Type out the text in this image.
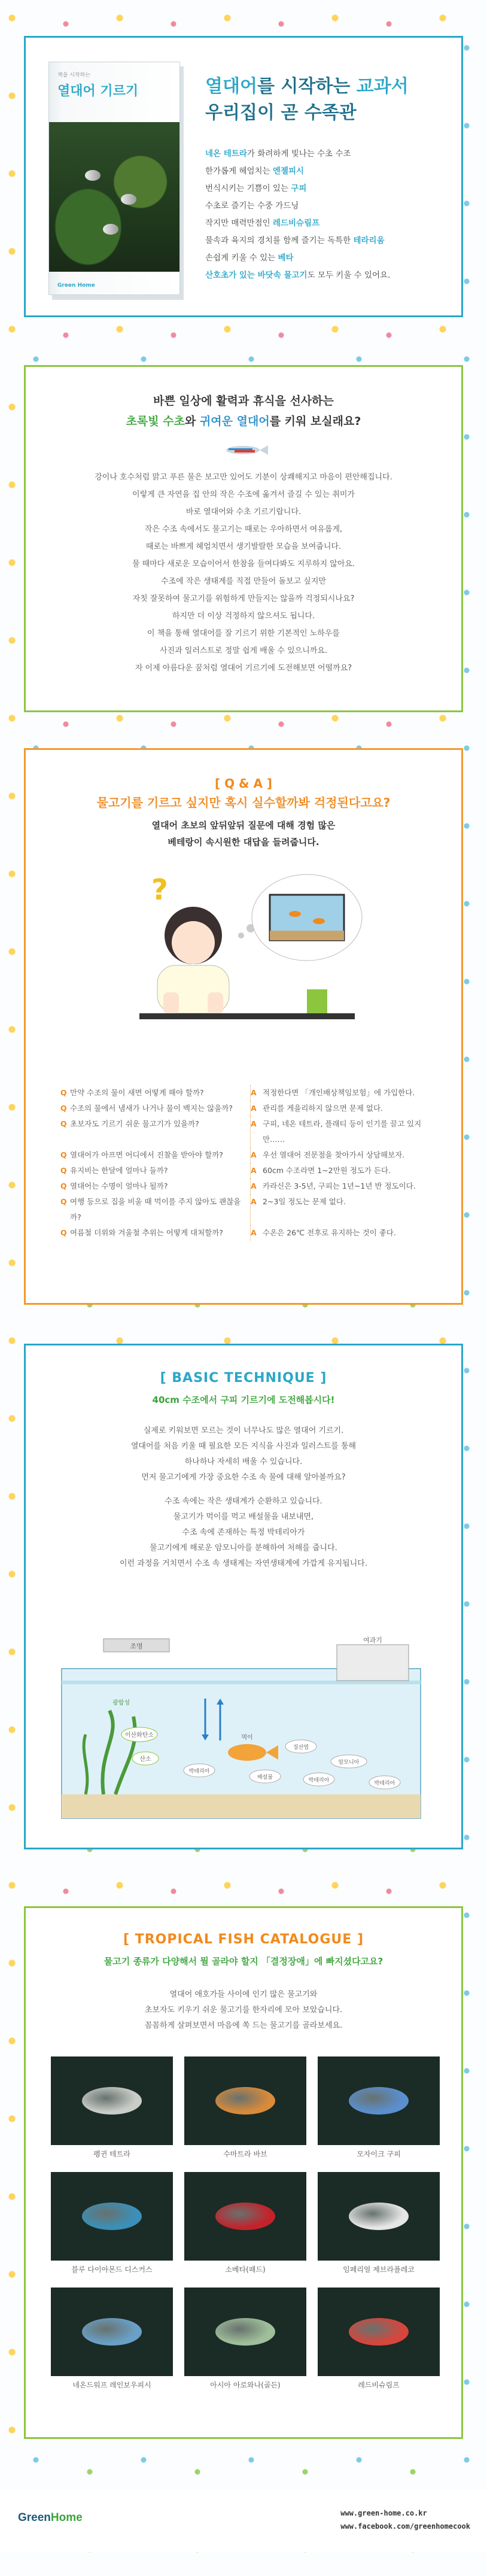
책을 시작하는
열대어 기르기
Green Home
열대어를 시작하는 교과서
우리집이 곧 수족관
네온 테트라가 화려하게 빛나는 수초 수조
한가롭게 헤엄치는 엔젤피시
번식시키는 기쁨이 있는 구피
수초로 즐기는 수중 가드닝
작지만 매력만점인 레드비슈림프
물속과 육지의 경치를 함께 즐기는 독특한 테라리움
손쉽게 키울 수 있는 베타
산호초가 있는 바닷속 물고기도 모두 키울 수 있어요.
바쁜 일상에 활력과 휴식을 선사하는
초록빛 수초와 귀여운 열대어를 키워 보실래요?
강이나 호수처럼 맑고 푸른 물은 보고만 있어도 기분이 상쾌해지고 마음이 편안해집니다.
이렇게 큰 자연을 집 안의 작은 수조에 옮겨서 즐길 수 있는 취미가
바로 열대어와 수초 기르기랍니다.
작은 수조 속에서도 물고기는 때로는 우아하면서 여유롭게,
때로는 바쁘게 헤엄치면서 생기발랄한 모습을 보여줍니다.
물 때마다 새로운 모습이어서 한참을 들여다봐도 지루하지 않아요.
수조에 작은 생태계를 직접 만들어 돌보고 싶지만
자칫 잘못하여 물고기를 위험하게 만들지는 않을까 걱정되시나요?
하지만 더 이상 걱정하지 않으셔도 됩니다.
이 책을 통해 열대어를 잘 기르기 위한 기본적인 노하우를
사진과 일러스트로 정말 쉽게 배울 수 있으니까요.
자 이제 아름다운 꿈처럼 열대어 기르기에 도전해보면 어떨까요?
[ Q & A ]
물고기를 기르고 싶지만 혹시 실수할까봐 걱정된다고요?
열대어 초보의 앞뒤앞뒤 질문에 대해 경험 많은
베테랑이 속시원한 대답을 들려줍니다.
?
Q 만약 수조의 물이 새면 어떻게 해야 할까?	A 적정한다면 「개인배상책임보험」에 가입한다.
Q 수조의 물에서 냄새가 나거나 물이 백지는 않을까?	A 관리를 게을리하지 않으면 문제 없다.
Q 초보자도 기르기 쉬운 물고기가 있을까?	A 구피, 네온 테트라, 플래티 등이 인기를 끌고 있지만……
Q 열대어가 아프면 어디에서 진찰을 받아야 할까?	A 우선 열대어 전문점을 찾아가서 상담해보자.
Q 유지비는 한달에 얼마나 들까?	A 60cm 수조라면 1~2만원 정도가 든다.
Q 열대어는 수명이 얼마나 될까?	A 카라신은 3-5년, 구피는 1년~1년 반 정도이다.
Q 여행 등으로 집을 비울 때 먹이를 주지 않아도 괜찮을까?
A 2~3일 정도는 문제 없다.
Q 여름철 더위와 겨울철 추위는 어떻게 대처할까?	A 수온은 26℃ 전후로 유지하는 것이 좋다.
[ BASIC TECHNIQUE ]
40cm 수조에서 구피 기르기에 도전해봅시다!
실제로 키워보면 모르는 것이 너무나도 많은 열대어 기르기.
열대어를 처음 키울 때 필요한 모든 지식을 사진과 일러스트를 통해
하나하나 자세히 배울 수 있습니다.
먼저 물고기에게 가장 중요한 수조 속 물에 대해 알아볼까요?
수조 속에는 작은 생태계가 순환하고 있습니다.
물고기가 먹이를 먹고 배설물을 내보내면,
수조 속에 존재하는 특정 박테리아가
물고기에게 해로운 암모니아를 분해하여 처해를 줍니다.
이런 과정을 거치면서 수조 속 생태계는 자연생태계에 가깝게 유지됩니다.
조명
여과기
이산화탄소
산소
광합성
먹이
박테리아
배설물	박테리아
암모니아
박테리아
질산염
[ TROPICAL FISH CATALOGUE ]
물고기 종류가 다양해서 뭘 골라야 할지 「결정장애」에 빠지셨다고요?
열대어 애호가들 사이에 인기 많은 물고기와
초보자도 키우기 쉬운 물고기를 한자리에 모아 보았습니다.
꼼꼼하게 살펴보면서 마음에 쏙 드는 물고기를 골라보세요.
펭귄 테트라	수마트라 바브	모자이크 구피
블루 다이아몬드 디스커스	소베타(패드)	임페리얼 제브라플레코
네온드워프 레인보우피시	아시아 아로와나(골든)	레드비슈림프
GreenHome	www.green-home.co.kr
www.facebook.com/greenhomecook
